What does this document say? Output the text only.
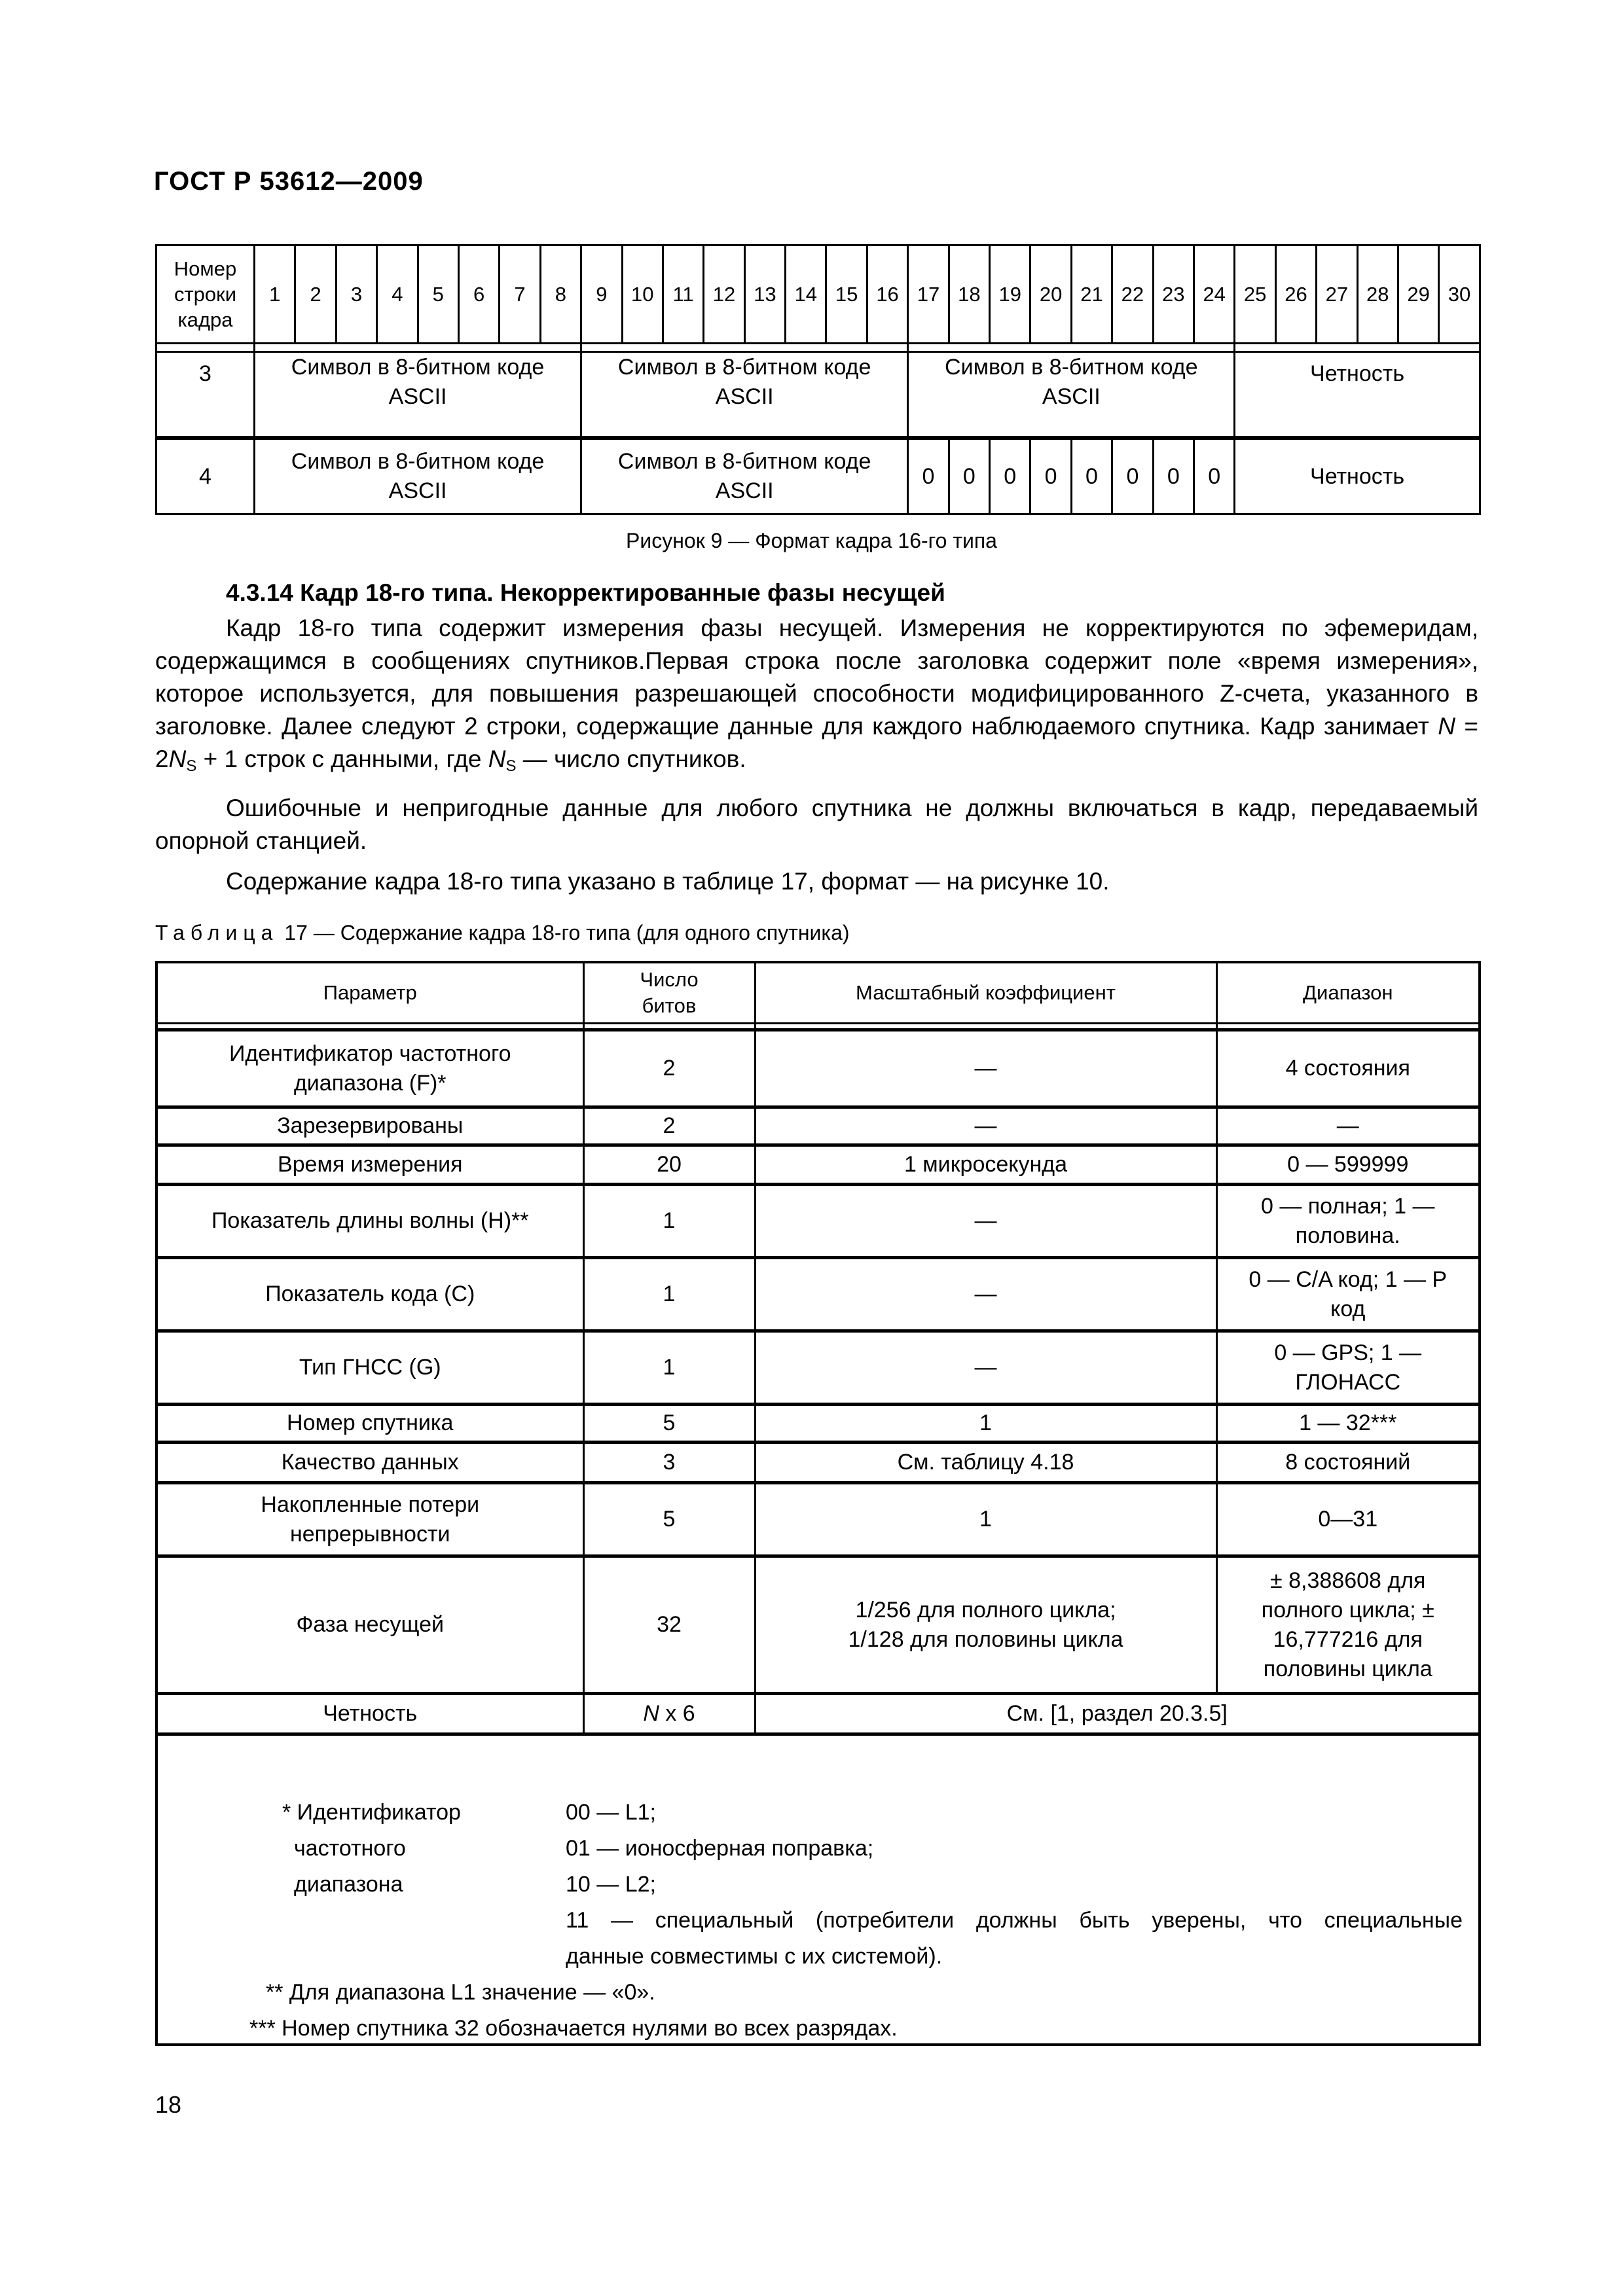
ГОСТ Р 53612—2009
Номер
строки
кадра	1	2	3	4	5	6	7	8	9	10	11	12	13	14	15	16	17	18	19	20	21	22	23	24	25	26	27	28	29	30

3	Символ в 8-битном коде ASCII								Символ в 8-битном коде ASCII								Символ в 8-битном коде ASCII								Четность					
4	Символ в 8-битном коде ASCII								Символ в 8-битном коде ASCII								0	0	0	0	0	0	0	0	Четность					
Рисунок 9 — Формат кадра 16-го типа
4.3.14 Кадр 18-го типа. Некорректированные фазы несущей
Кадр 18-го типа содержит измерения фазы несущей. Измерения не корректируются по эфемеридам, содержащимся в сообщениях спутников.Первая строка после заголовка содержит поле «время измерения», которое используется, для повышения разрешающей способности модифицированного Z-счета, указанного в заголовке. Далее следуют 2 строки, содержащие данные для каждого наблюдаемого спутника. Кадр занимает $N = 2N_S + 1$ строк с данными, где $N_S$ — число спутников.
Ошибочные и непригодные данные для любого спутника не должны включаться в кадр, передаваемый опорной станцией.
Содержание кадра 18-го типа указано в таблице 17, формат — на рисунке 10.
Таблица 17 — Содержание кадра 18-го типа (для одного спутника)
Параметр	Число битов	Масштабный коэффициент	Диапазон

Идентификатор частотного диапазона (F)*	2	—	4 состояния
Зарезервированы	2	—	—
Время измерения	20	1 микросекунда	0 — 599999
Показатель длины волны (H)**	1	—	0 — полная; 1 — половина.
Показатель кода (C)	1	—	0 — C/A код; 1 — P код
Тип ГНСС (G)	1	—	0 — GPS; 1 — ГЛОНАСС
Номер спутника	5	1	1 — 32***
Качество данных	3	См. таблицу 4.18	8 состояний
Накопленные потери непрерывности	5	1	0—31
Фаза несущей	32	1/256 для полного цикла; 1/128 для половины цикла	± 8,388608 для полного цикла; ± 16,777216 для половины цикла
Четность	N x 6	См. [1, раздел 20.3.5]	

* Идентификатор
частотного
диапазона
00 — L1;
01 — ионосферная поправка;
10 — L2;
11 — специальный (потребители должны быть уверены, что специальные
данные совместимы с их системой).
** Для диапазона L1 значение — «0».
*** Номер спутника 32 обозначается нулями во всех разрядах.
18
